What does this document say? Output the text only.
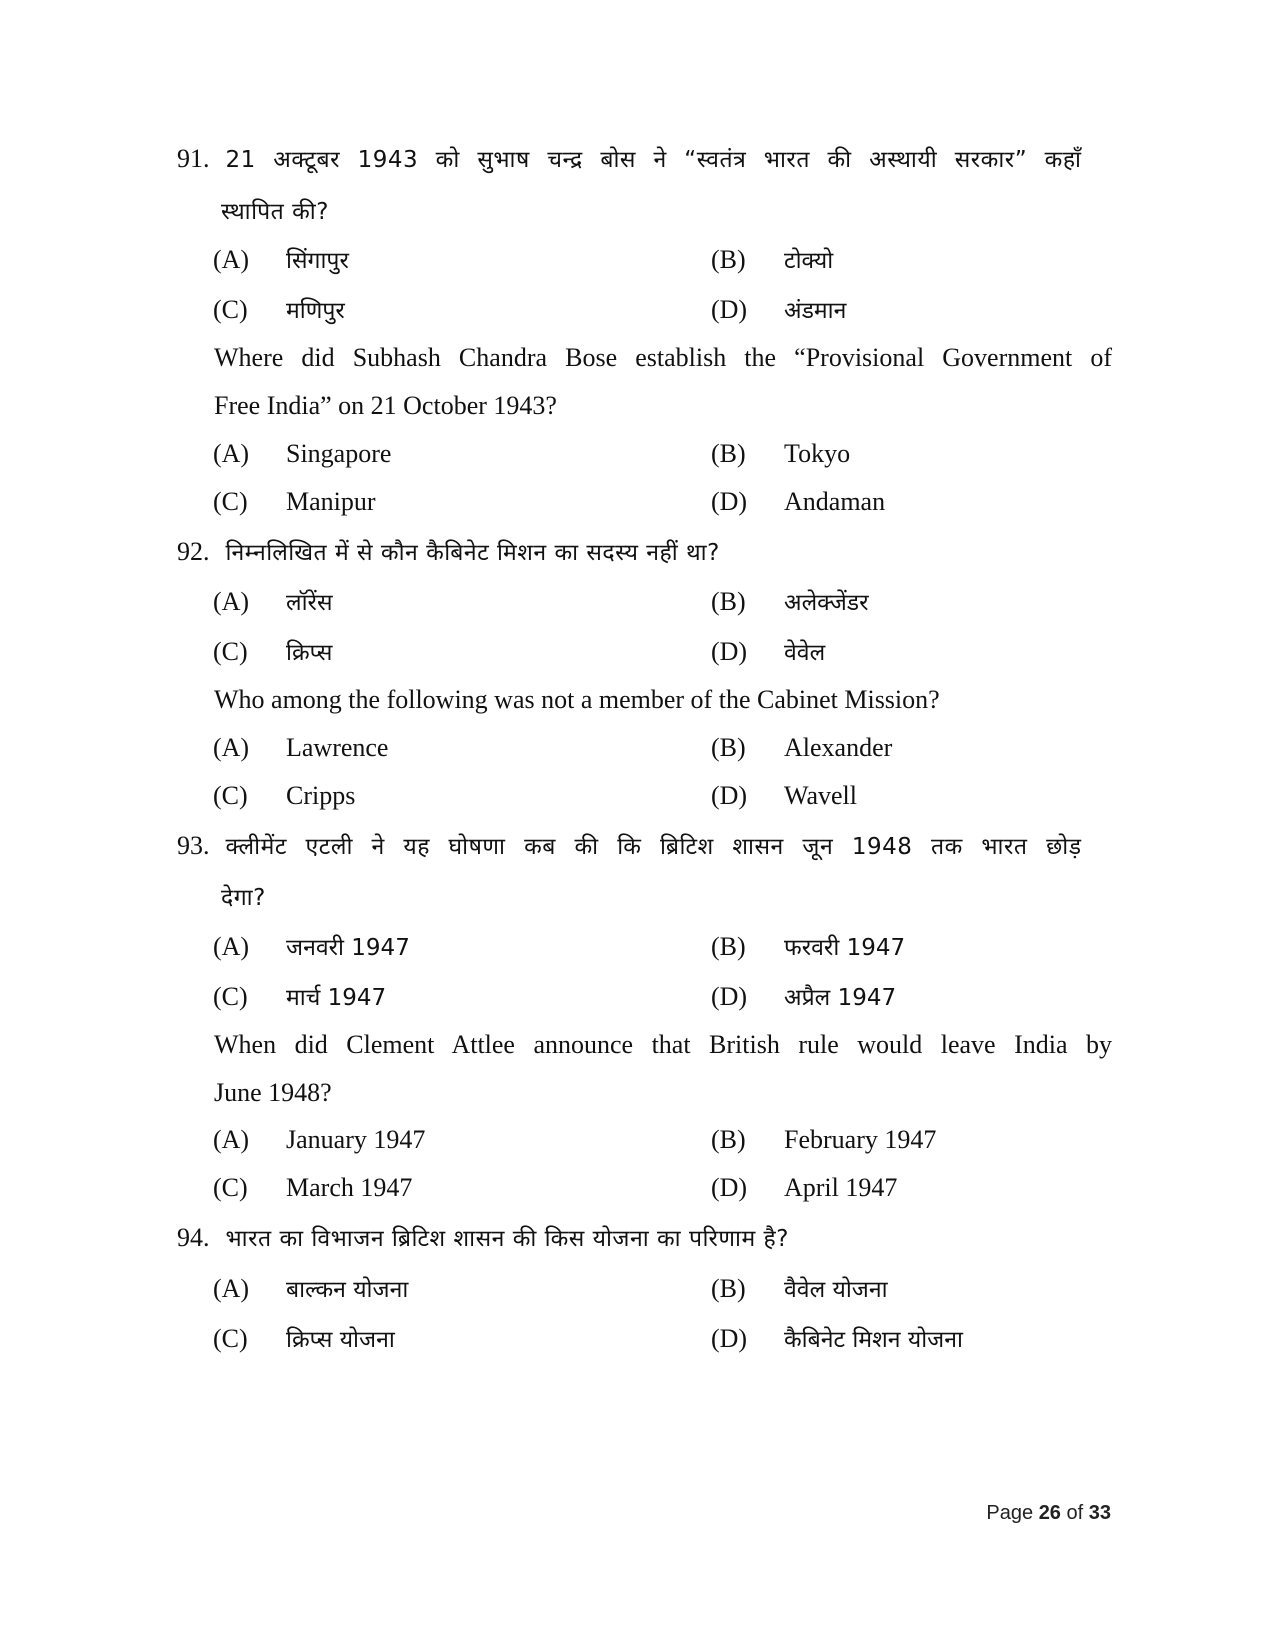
91. 21 अक्टूबर 1943 को सुभाष चन्द्र बोस ने “स्वतंत्र भारत की अस्थायी सरकार” कहाँ
स्थापित की?
(A) सिंगापुर	(B) टोक्यो
(C) मणिपुर	(D) अंडमान
Where did Subhash Chandra Bose establish the “Provisional Government of
Free India” on 21 October 1943?
(A) Singapore	(B) Tokyo
(C) Manipur	(D) Andaman
92. निम्नलिखित में से कौन कैबिनेट मिशन का सदस्य नहीं था?
(A) लॉरेंस	(B) अलेक्जेंडर
(C) क्रिप्स	(D) वेवेल
Who among the following was not a member of the Cabinet Mission?
(A) Lawrence	(B) Alexander
(C) Cripps	(D) Wavell
93. क्लीमेंट एटली ने यह घोषणा कब की कि ब्रिटिश शासन जून 1948 तक भारत छोड़
देगा?
(A) जनवरी 1947	(B) फरवरी 1947
(C) मार्च 1947	(D) अप्रैल 1947
When did Clement Attlee announce that British rule would leave India by
June 1948?
(A) January 1947	(B) February 1947
(C) March 1947	(D) April 1947
94. भारत का विभाजन ब्रिटिश शासन की किस योजना का परिणाम है?
(A) बाल्कन योजना	(B) वैवेल योजना
(C) क्रिप्स योजना	(D) कैबिनेट मिशन योजना
Page 26 of 33
